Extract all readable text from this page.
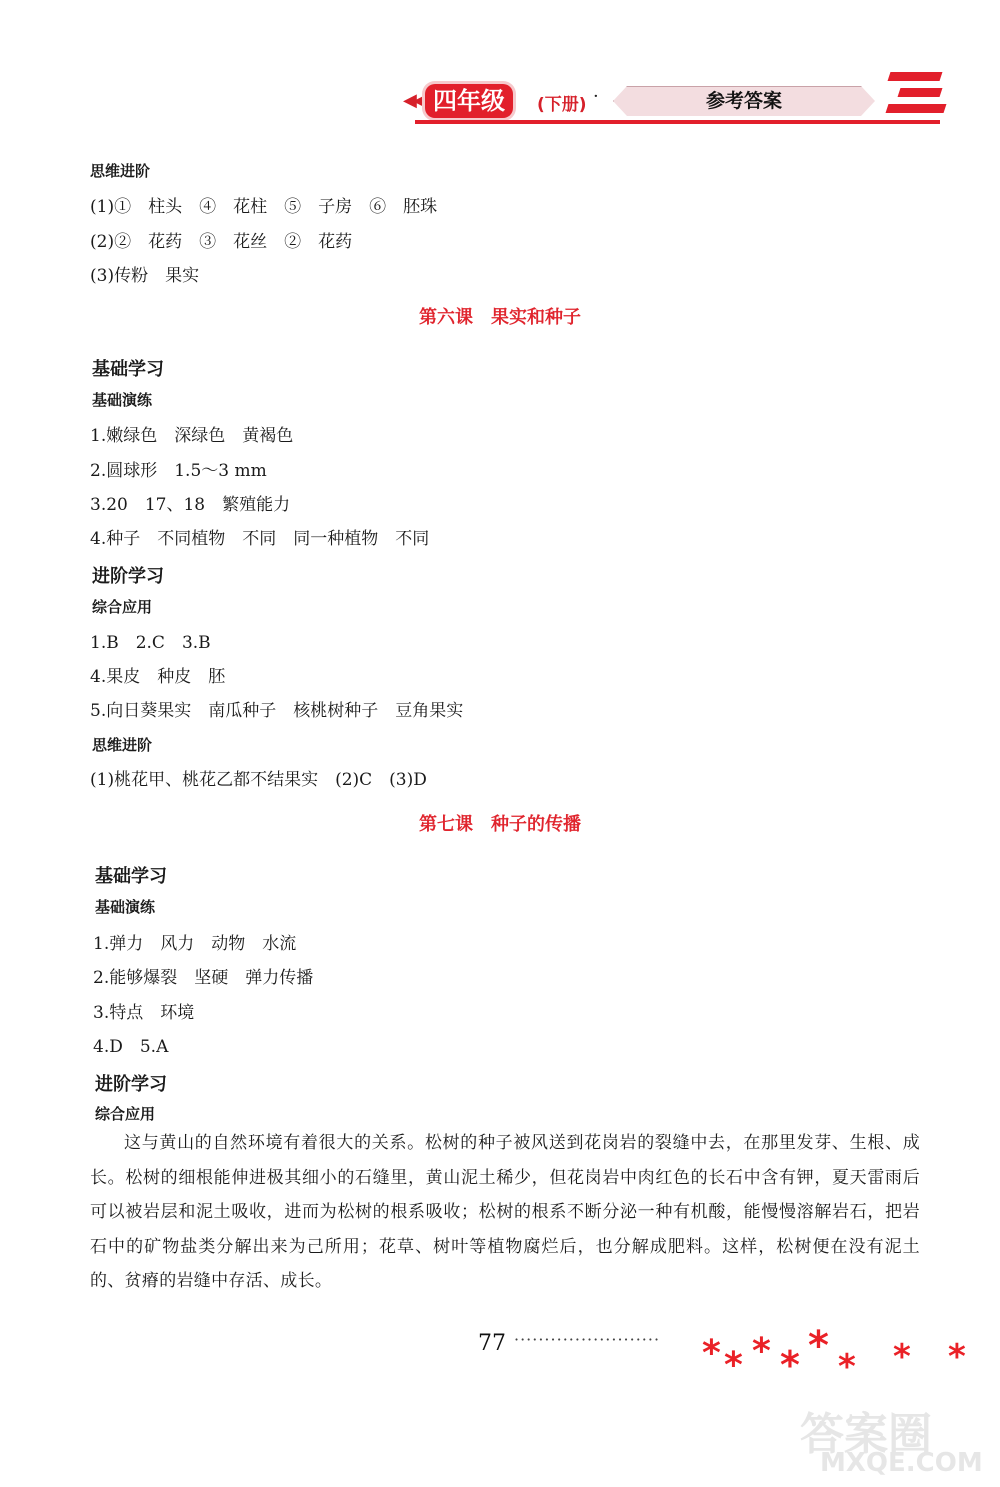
◀◀ 四年级	(下册) ·	参考答案
思维进阶
(1)①　柱头　④　花柱　⑤　子房　⑥　胚珠
(2)②　花药　③　花丝　②　花药
(3)传粉　果实
第六课　果实和种子
基础学习
基础演练
1.嫩绿色　深绿色　黄褐色
2.圆球形　1.5～3 mm
3.20　17、18　繁殖能力
4.种子　不同植物　不同　同一种植物　不同
进阶学习
综合应用
1.B　2.C　3.B
4.果皮　种皮　胚
5.向日葵果实　南瓜种子　核桃树种子　豆角果实
思维进阶
(1)桃花甲、桃花乙都不结果实　(2)C　(3)D
第七课　种子的传播
基础学习
基础演练
1.弹力　风力　动物　水流
2.能够爆裂　坚硬　弹力传播
3.特点　环境
4.D　5.A
进阶学习
综合应用
这与黄山的自然环境有着很大的关系。松树的种子被风送到花岗岩的裂缝中去，在那里发芽、生根、成长。松树的细根能伸进极其细小的石缝里，黄山泥土稀少，但花岗岩中肉红色的长石中含有钾，夏天雷雨后可以被岩层和泥土吸收，进而为松树的根系吸收；松树的根系不断分泌一种有机酸，能慢慢溶解岩石，把岩石中的矿物盐类分解出来为己所用；花草、树叶等植物腐烂后，也分解成肥料。这样，松树便在没有泥土的、贫瘠的岩缝中存活、成长。
77 ························ * * * * * * * *
答案圈
MXQE.COM
